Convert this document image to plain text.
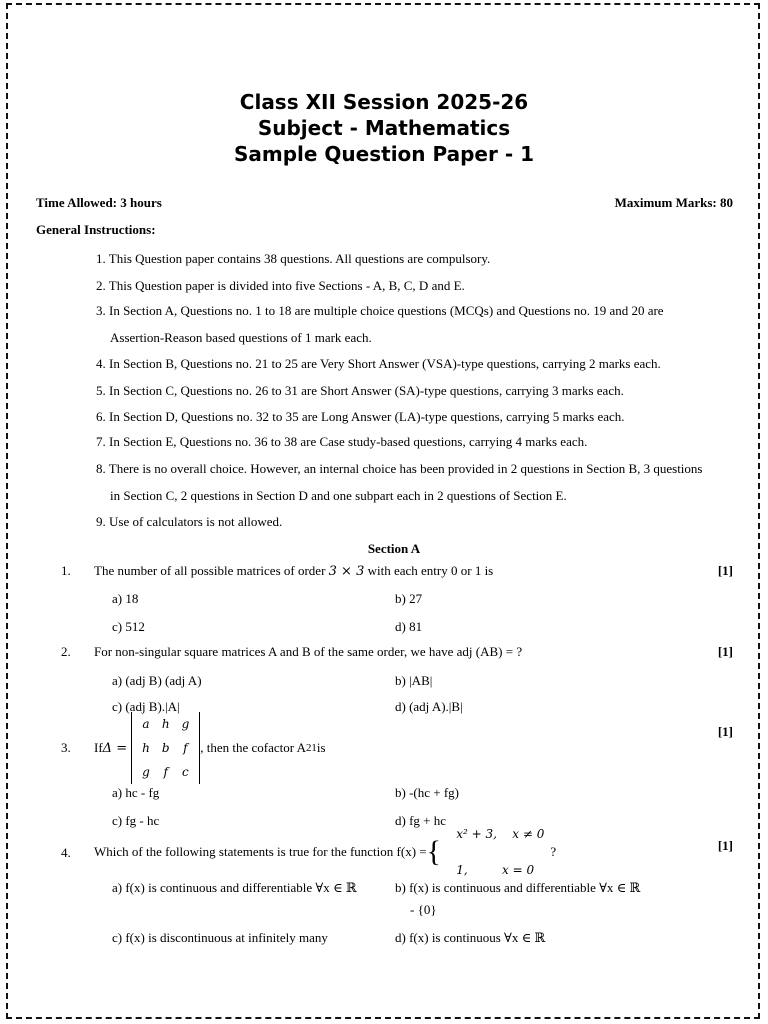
Class XII Session 2025-26
Subject - Mathematics
Sample Question Paper - 1
Time Allowed: 3 hours	Maximum Marks: 80
General Instructions:
1. This Question paper contains 38 questions. All questions are compulsory.
2. This Question paper is divided into five Sections - A, B, C, D and E.
3. In Section A, Questions no. 1 to 18 are multiple choice questions (MCQs) and Questions no. 19 and 20 are
Assertion-Reason based questions of 1 mark each.
4. In Section B, Questions no. 21 to 25 are Very Short Answer (VSA)-type questions, carrying 2 marks each.
5. In Section C, Questions no. 26 to 31 are Short Answer (SA)-type questions, carrying 3 marks each.
6. In Section D, Questions no. 32 to 35 are Long Answer (LA)-type questions, carrying 5 marks each.
7. In Section E, Questions no. 36 to 38 are Case study-based questions, carrying 4 marks each.
8. There is no overall choice. However, an internal choice has been provided in 2 questions in Section B, 3 questions
in Section C, 2 questions in Section D and one subpart each in 2 questions of Section E.
9. Use of calculators is not allowed.
Section A
1. The number of all possible matrices of order 3 × 3 with each entry 0 or 1 is	[1]
a) 18	b) 27
c) 512	d) 81
2. For non-singular square matrices A and B of the same order, we have adj (AB) = ?	[1]
a) (adj B) (adj A)	b) |AB|
c) (adj B).|A|	d) (adj A).|B|
3. If Δ =
a	h	g
h	b	f
g	f	c
, then the cofactor A 21 is
[1]
a) hc - fg	b) -(hc + fg)
c) fg - hc	d) fg + hc
4. Which of the following statements is true for the function f(x) = {

x² + 3,    x ≠ 0

1,         x = 0

?	[1]
a) f(x) is continuous and differentiable ∀x ∈ ℝ	b) f(x) is continuous and differentiable ∀x ∈ ℝ
- {0}
c) f(x) is discontinuous at infinitely many	d) f(x) is continuous ∀x ∈ ℝ
